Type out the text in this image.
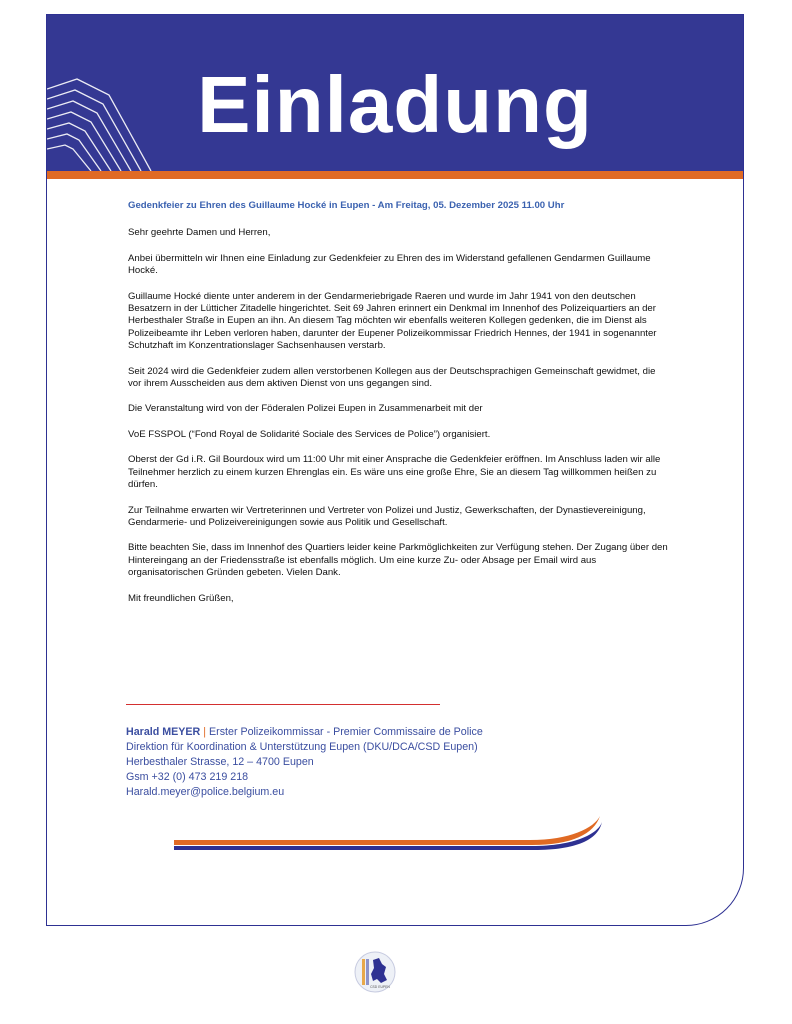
Einladung

Gedenkfeier zu Ehren des Guillaume Hocké in Eupen - Am Freitag, 05. Dezember 2025 11.00 Uhr

Sehr geehrte Damen und Herren,

Anbei übermitteln wir Ihnen eine Einladung zur Gedenkfeier zu Ehren des im Widerstand gefallenen Gendarmen Guillaume Hocké.

Guillaume Hocké diente unter anderem in der Gendarmeriebrigade Raeren und wurde im Jahr 1941 von den deutschen Besatzern in der Lütticher Zitadelle hingerichtet. Seit 69 Jahren erinnert ein Denkmal im Innenhof des Polizeiquartiers an der Herbesthaler Straße in Eupen an ihn. An diesem Tag möchten wir ebenfalls weiteren Kollegen gedenken, die im Dienst als Polizeibeamte ihr Leben verloren haben, darunter der Eupener Polizeikommissar Friedrich Hennes, der 1941 in sogenannter Schutzhaft im Konzentrationslager Sachsenhausen verstarb.

Seit 2024 wird die Gedenkfeier zudem allen verstorbenen Kollegen aus der Deutschsprachigen Gemeinschaft gewidmet, die vor ihrem Ausscheiden aus dem aktiven Dienst von uns gegangen sind.

Die Veranstaltung wird von der Föderalen Polizei Eupen in Zusammenarbeit mit der

VoE FSSPOL (“Fond Royal de Solidarité Sociale des Services de Police”) organisiert.

Oberst der Gd i.R. Gil Bourdoux wird um 11:00 Uhr mit einer Ansprache die Gedenkfeier eröffnen. Im Anschluss laden wir alle Teilnehmer herzlich zu einem kurzen Ehrenglas ein. Es wäre uns eine große Ehre, Sie an diesem Tag willkommen heißen zu dürfen.

Zur Teilnahme erwarten wir Vertreterinnen und Vertreter von Polizei und Justiz, Gewerkschaften, der Dynastievereinigung, Gendarmerie- und Polizeivereinigungen sowie aus Politik und Gesellschaft.

Bitte beachten Sie, dass im Innenhof des Quartiers leider keine Parkmöglichkeiten zur Verfügung stehen. Der Zugang über den Hintereingang an der Friedensstraße ist ebenfalls möglich. Um eine kurze Zu- oder Absage per Email wird aus organisatorischen Gründen gebeten. Vielen Dank.

Mit freundlichen Grüßen,

Harald MEYER | Erster Polizeikommissar - Premier Commissaire de Police
Direktion für Koordination & Unterstützung Eupen (DKU/DCA/CSD Eupen)
Herbesthaler Strasse, 12 – 4700 Eupen
Gsm +32 (0) 473 219 218
Harald.meyer@police.belgium.eu
CSD EUPEN
